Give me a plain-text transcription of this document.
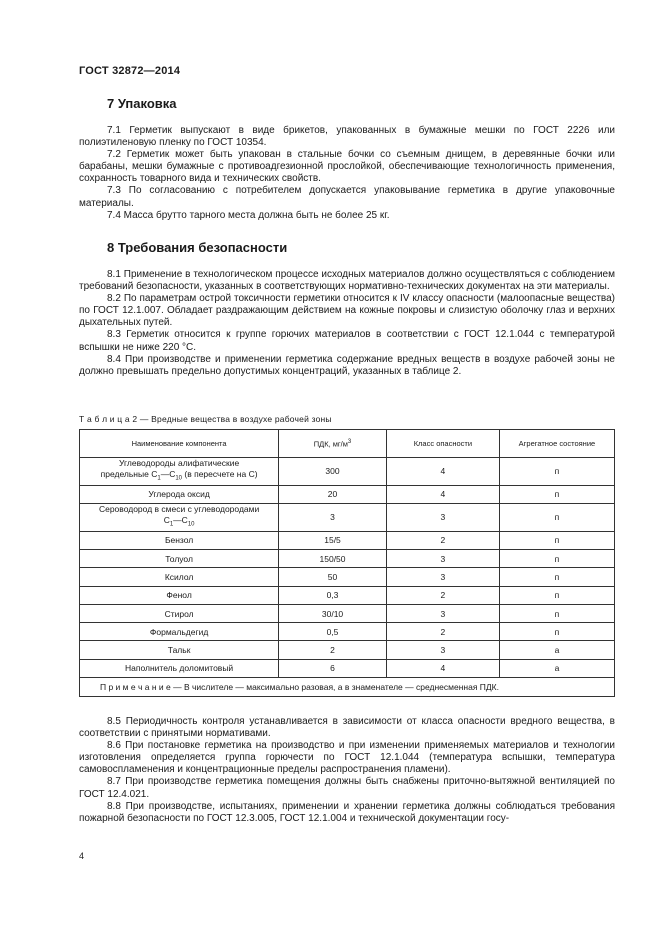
ГОСТ 32872—2014
7 Упаковка

7.1 Герметик выпускают в виде брикетов, упакованных в бумажные мешки по ГОСТ 2226 или полиэтиленовую пленку по ГОСТ 10354.

7.2 Герметик может быть упакован в стальные бочки со съемным днищем, в деревянные бочки или барабаны, мешки бумажные с противоадгезионной прослойкой, обеспечивающие технологичность применения, сохранность товарного вида и технических свойств.

7.3 По согласованию с потребителем допускается упаковывание герметика в другие упаковочные материалы.

7.4 Масса брутто тарного места должна быть не более 25 кг.

8 Требования безопасности

8.1 Применение в технологическом процессе исходных материалов должно осуществляться с соблюдением требований безопасности, указанных в соответствующих нормативно-технических документах на эти материалы.

8.2 По параметрам острой токсичности герметики относится к IV классу опасности (малоопасные вещества) по ГОСТ 12.1.007. Обладает раздражающим действием на кожные покровы и слизистую оболочку глаз и верхних дыхательных путей.

8.3 Герметик относится к группе горючих материалов в соответствии с ГОСТ 12.1.044 с температурой вспышки не ниже 220 °С.

8.4 При производстве и применении герметика содержание вредных веществ в воздухе рабочей зоны не должно превышать предельно допустимых концентраций, указанных в таблице 2.

Т а б л и ц а 2 — Вредные вещества в воздухе рабочей зоны
Наименование компонента	ПДК, $мг/м^3$	Класс опасности	Агрегатное состояние
Углеводороды алифатические
предельные $С_1—С_{10}$ (в пересчете на С)	300	4	п
Углерода оксид	20	4	п
Сероводород в смеси с углеводородами
$С_1—С_{10}$	3	3	п
Бензол	15/5	2	п
Толуол	150/50	3	п
Ксилол	50	3	п
Фенол	0,3	2	п
Стирол	30/10	3	п
Формальдегид	0,5	2	п
Тальк	2	3	а
Наполнитель доломитовый	6	4	а
П р и м е ч а н и е — В числителе — максимально разовая, а в знаменателе — среднесменная ПДК.			

8.5 Периодичность контроля устанавливается в зависимости от класса опасности вредного вещества, в соответствии с принятыми нормативами.

8.6 При постановке герметика на производство и при изменении применяемых материалов и технологии изготовления определяется группа горючести по ГОСТ 12.1.044 (температура вспышки, температура самовоспламенения и концентрационные пределы распространения пламени).

8.7 При производстве герметика помещения должны быть снабжены приточно-вытяжной вентиляцией по ГОСТ 12.4.021.

8.8 При производстве, испытаниях, применении и хранении герметика должны соблюдаться требования пожарной безопасности по ГОСТ 12.3.005, ГОСТ 12.1.004 и технической документации госу-

4
